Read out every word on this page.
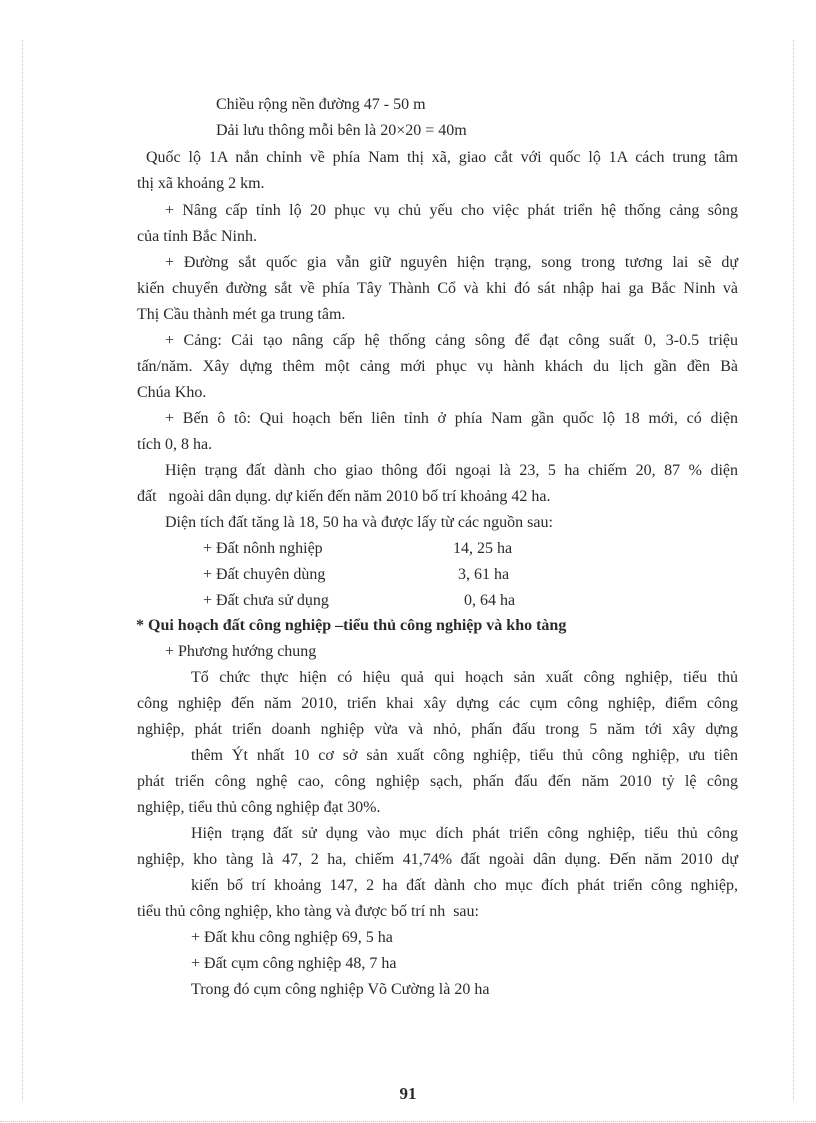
Chiều rộng nền đường 47 - 50 m
Dải lưu thông mỗi bên là 20×20 = 40m
Quốc lộ 1A nắn chỉnh về phía Nam thị xã, giao cắt với quốc lộ 1A cách trung tâm
thị xã khoảng 2 km.
+ Nâng cấp tỉnh lộ 20 phục vụ chủ yếu cho việc phát triển hệ thống cảng sông
của tỉnh Bắc Ninh.
+ Đường sắt quốc gia vẫn giữ nguyên hiện trạng, song trong tương lai sẽ dự
kiến chuyển đường sắt về phía Tây Thành Cổ và khi đó sát nhập hai ga Bắc Ninh và
Thị Cầu thành mét ga trung tâm.
+ Cảng: Cải tạo nâng cấp hệ thống cảng sông để đạt công suất 0, 3-0.5 triệu
tấn/năm. Xây dựng thêm một cảng mới phục vụ hành khách du lịch gần đền Bà
Chúa Kho.
+ Bến ô tô: Qui hoạch bến liên tỉnh ở phía Nam gần quốc lộ 18 mới, có diện
tích 0, 8 ha.
Hiện trạng đất dành cho giao thông đối ngoại là 23, 5 ha chiếm 20, 87 % diện
đất   ngoài dân dụng. dự kiến đến năm 2010 bố trí khoảng 42 ha.
Diện tích đất tăng là 18, 50 ha và được lấy từ các nguồn sau:
+ Đất nônh nghiệp	14, 25 ha
+ Đất chuyên dùng	3, 61 ha
+ Đất chưa sử dụng	0, 64 ha
* Qui hoạch đất công nghiệp –tiểu thủ công nghiệp và kho tàng
+ Phương hướng chung
Tổ chức thực hiện có hiệu quả qui hoạch sản xuất công nghiệp, tiểu thủ
công nghiệp đến năm 2010, triển khai xây dựng các cụm công nghiệp, điểm công
nghiệp, phát triển doanh nghiệp vừa và nhỏ, phấn đấu trong 5 năm tới xây dựng
thêm Ýt nhất 10 cơ sở sản xuất công nghiệp, tiểu thủ công nghiệp, ưu tiên
phát triển công nghệ cao, công nghiệp sạch, phấn đấu đến năm 2010 tỷ lệ công
nghiệp, tiểu thủ công nghiệp đạt 30%.
Hiện trạng đất sử dụng vào mục dích phát triển công nghiệp, tiểu thủ công
nghiệp, kho tàng là 47, 2 ha, chiếm 41,74% đất ngoài dân dụng. Đến năm 2010 dự
kiến bố trí khoảng 147, 2 ha đất dành cho mục đích phát triển công nghiệp,
tiểu thủ công nghiệp, kho tàng và được bố trí nh  sau:
+ Đất khu công nghiệp 69, 5 ha
+ Đất cụm công nghiệp 48, 7 ha
Trong đó cụm công nghiệp Võ Cường là 20 ha
91
